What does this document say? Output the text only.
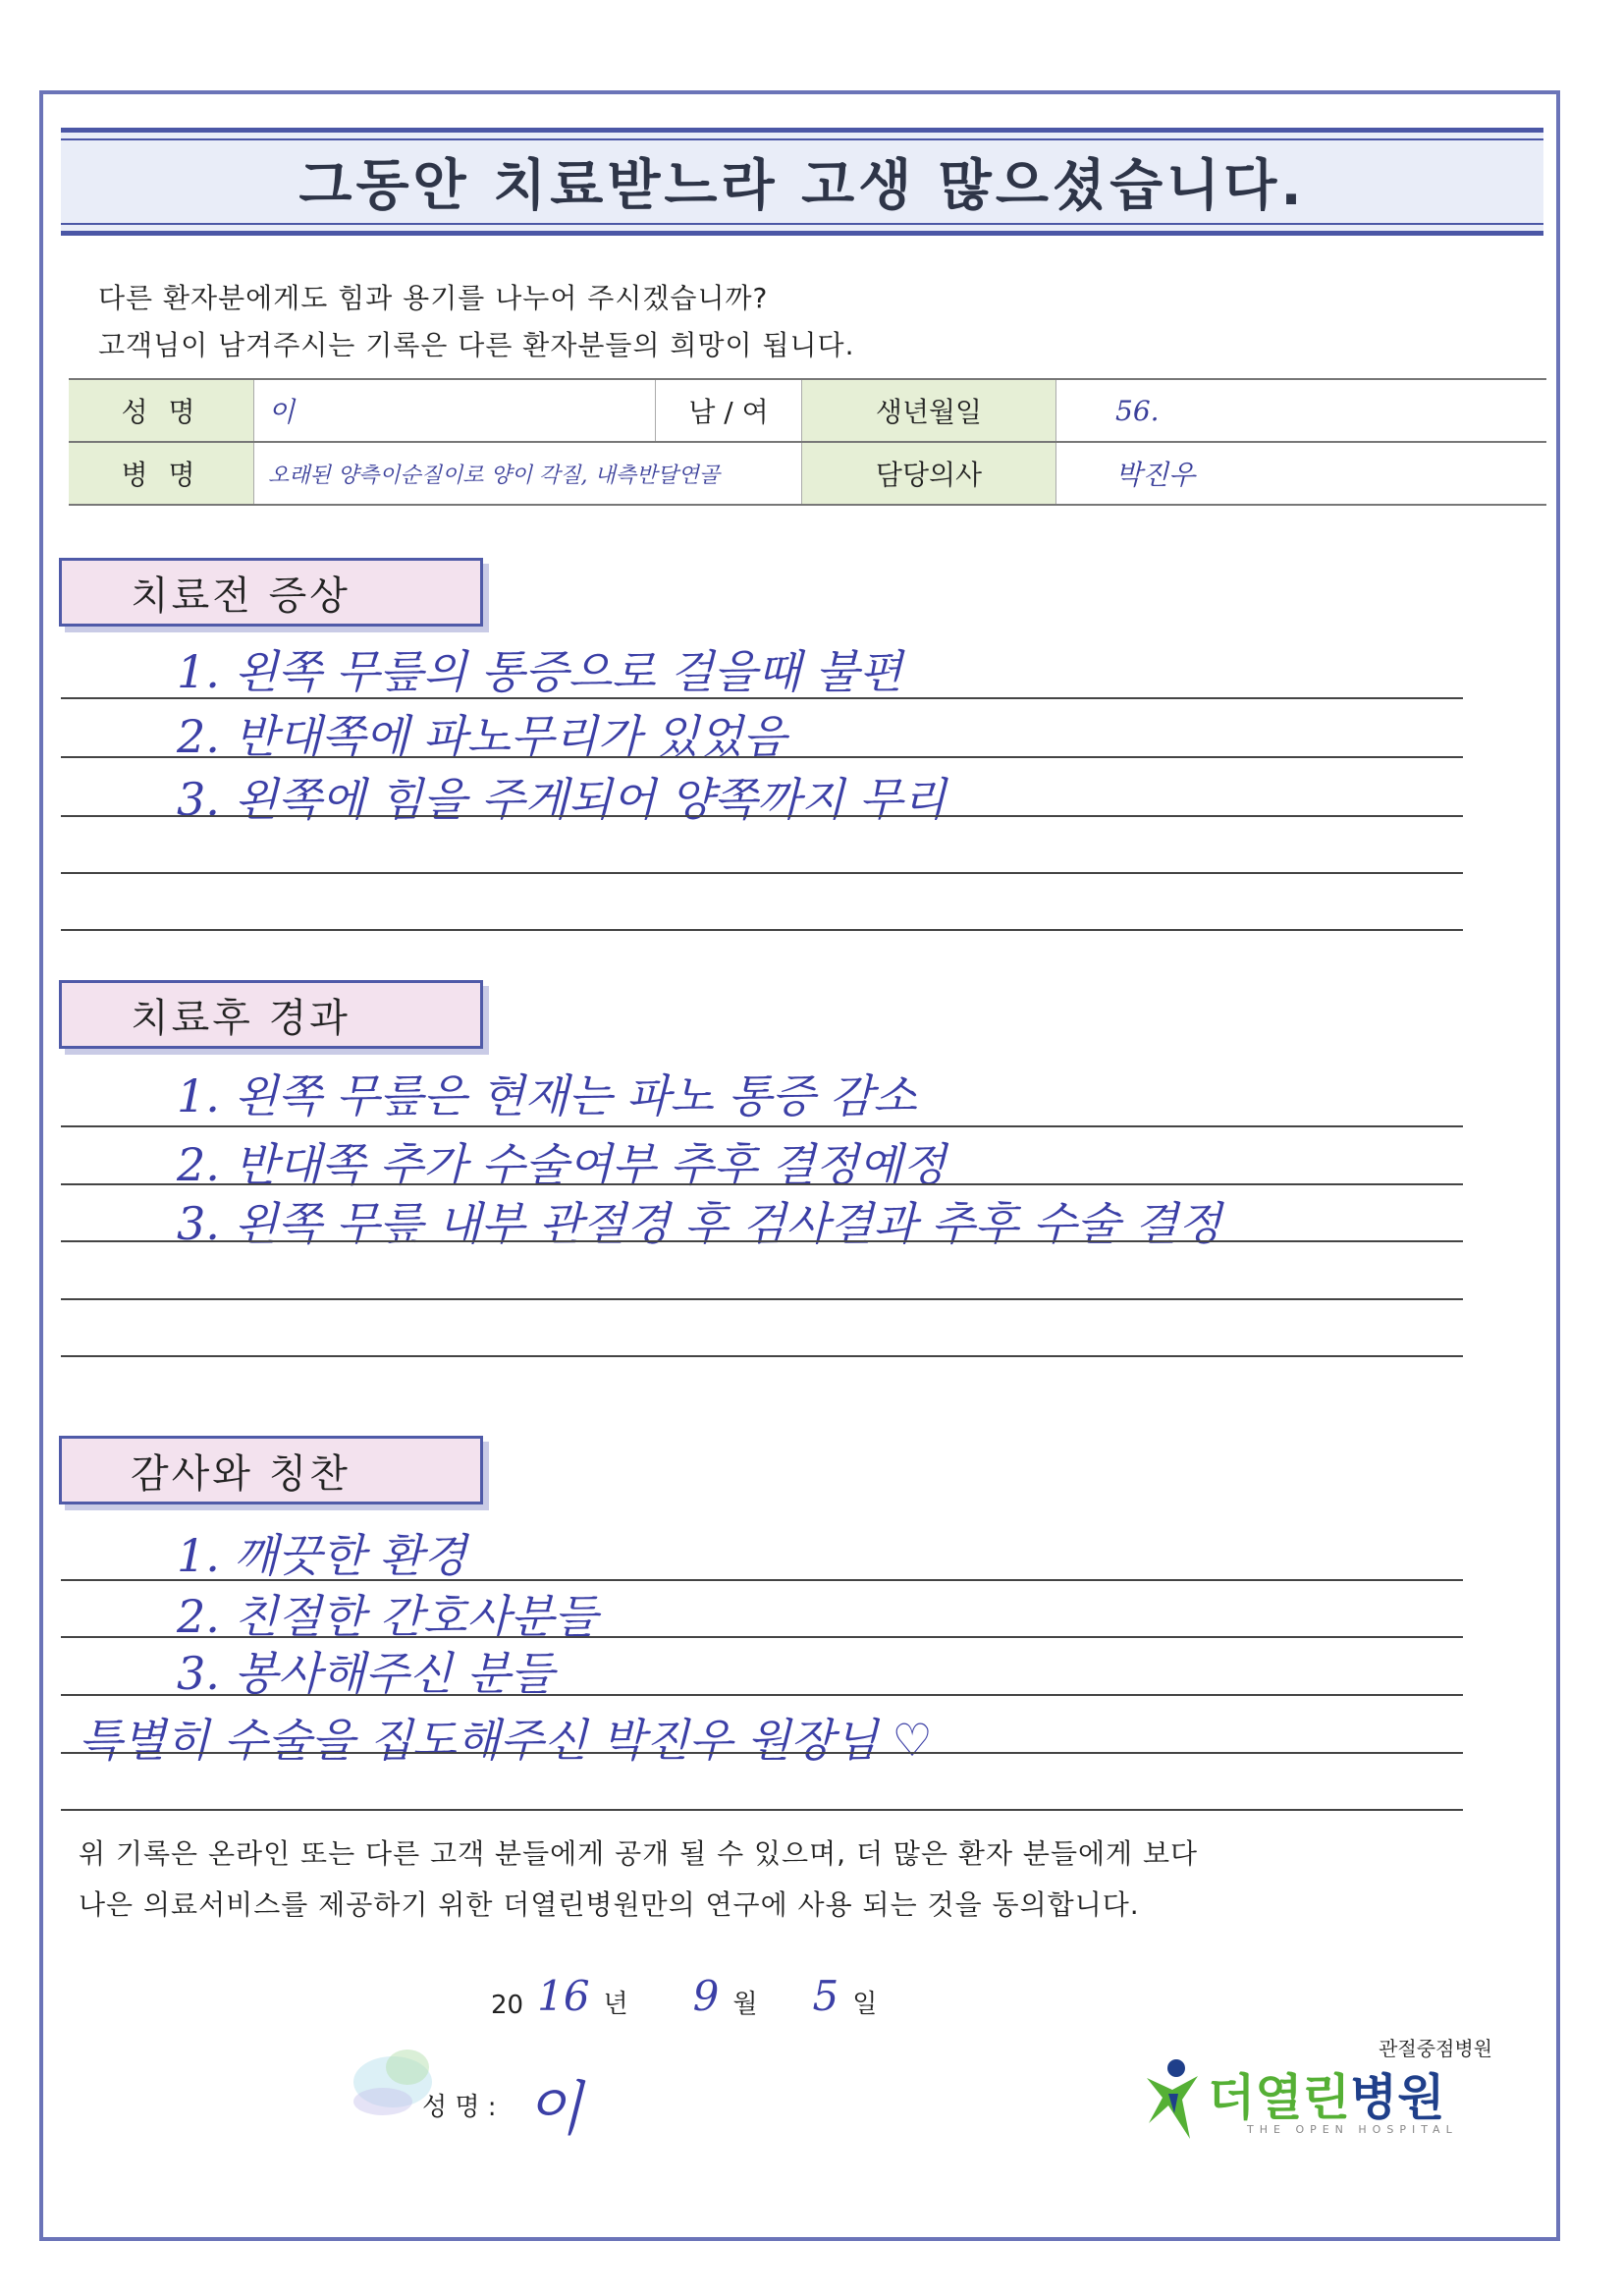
그동안 치료받느라 고생 많으셨습니다.
다른 환자분에게도 힘과 용기를 나누어 주시겠습니까?
고객님이 남겨주시는 기록은 다른 환자분들의 희망이 됩니다.
성 명	이	남 / 여	생년월일	56.
병 명	오래된 양측이순질이로 양이 각질, 내측반달연골		담당의사	박진우
치료전 증상
1. 왼쪽 무릎의 통증으로 걸을때 불편
2. 반대쪽에 파노무리가 있었음
3. 왼쪽에 힘을 주게되어 양쪽까지 무리
치료후 경과
1. 왼쪽 무릎은 현재는 파노 통증 감소
2. 반대쪽 추가 수술여부 추후 결정예정
3. 왼쪽 무릎 내부 관절경 후 검사결과 추후 수술 결정
감사와 칭찬
1. 깨끗한 환경
2. 친절한 간호사분들
3. 봉사해주신 분들
특별히 수술을 집도해주신 박진우 원장님 ♡
위 기록은 온라인 또는 다른 고객 분들에게 공개 될 수 있으며, 더 많은 환자 분들에게 보다
나은 의료서비스를 제공하기 위한 더열린병원만의 연구에 사용 되는 것을 동의합니다.
20 16 년 9 월 5 일
성 명 : 이
관절중점병원
더열린병원
THE OPEN HOSPITAL
